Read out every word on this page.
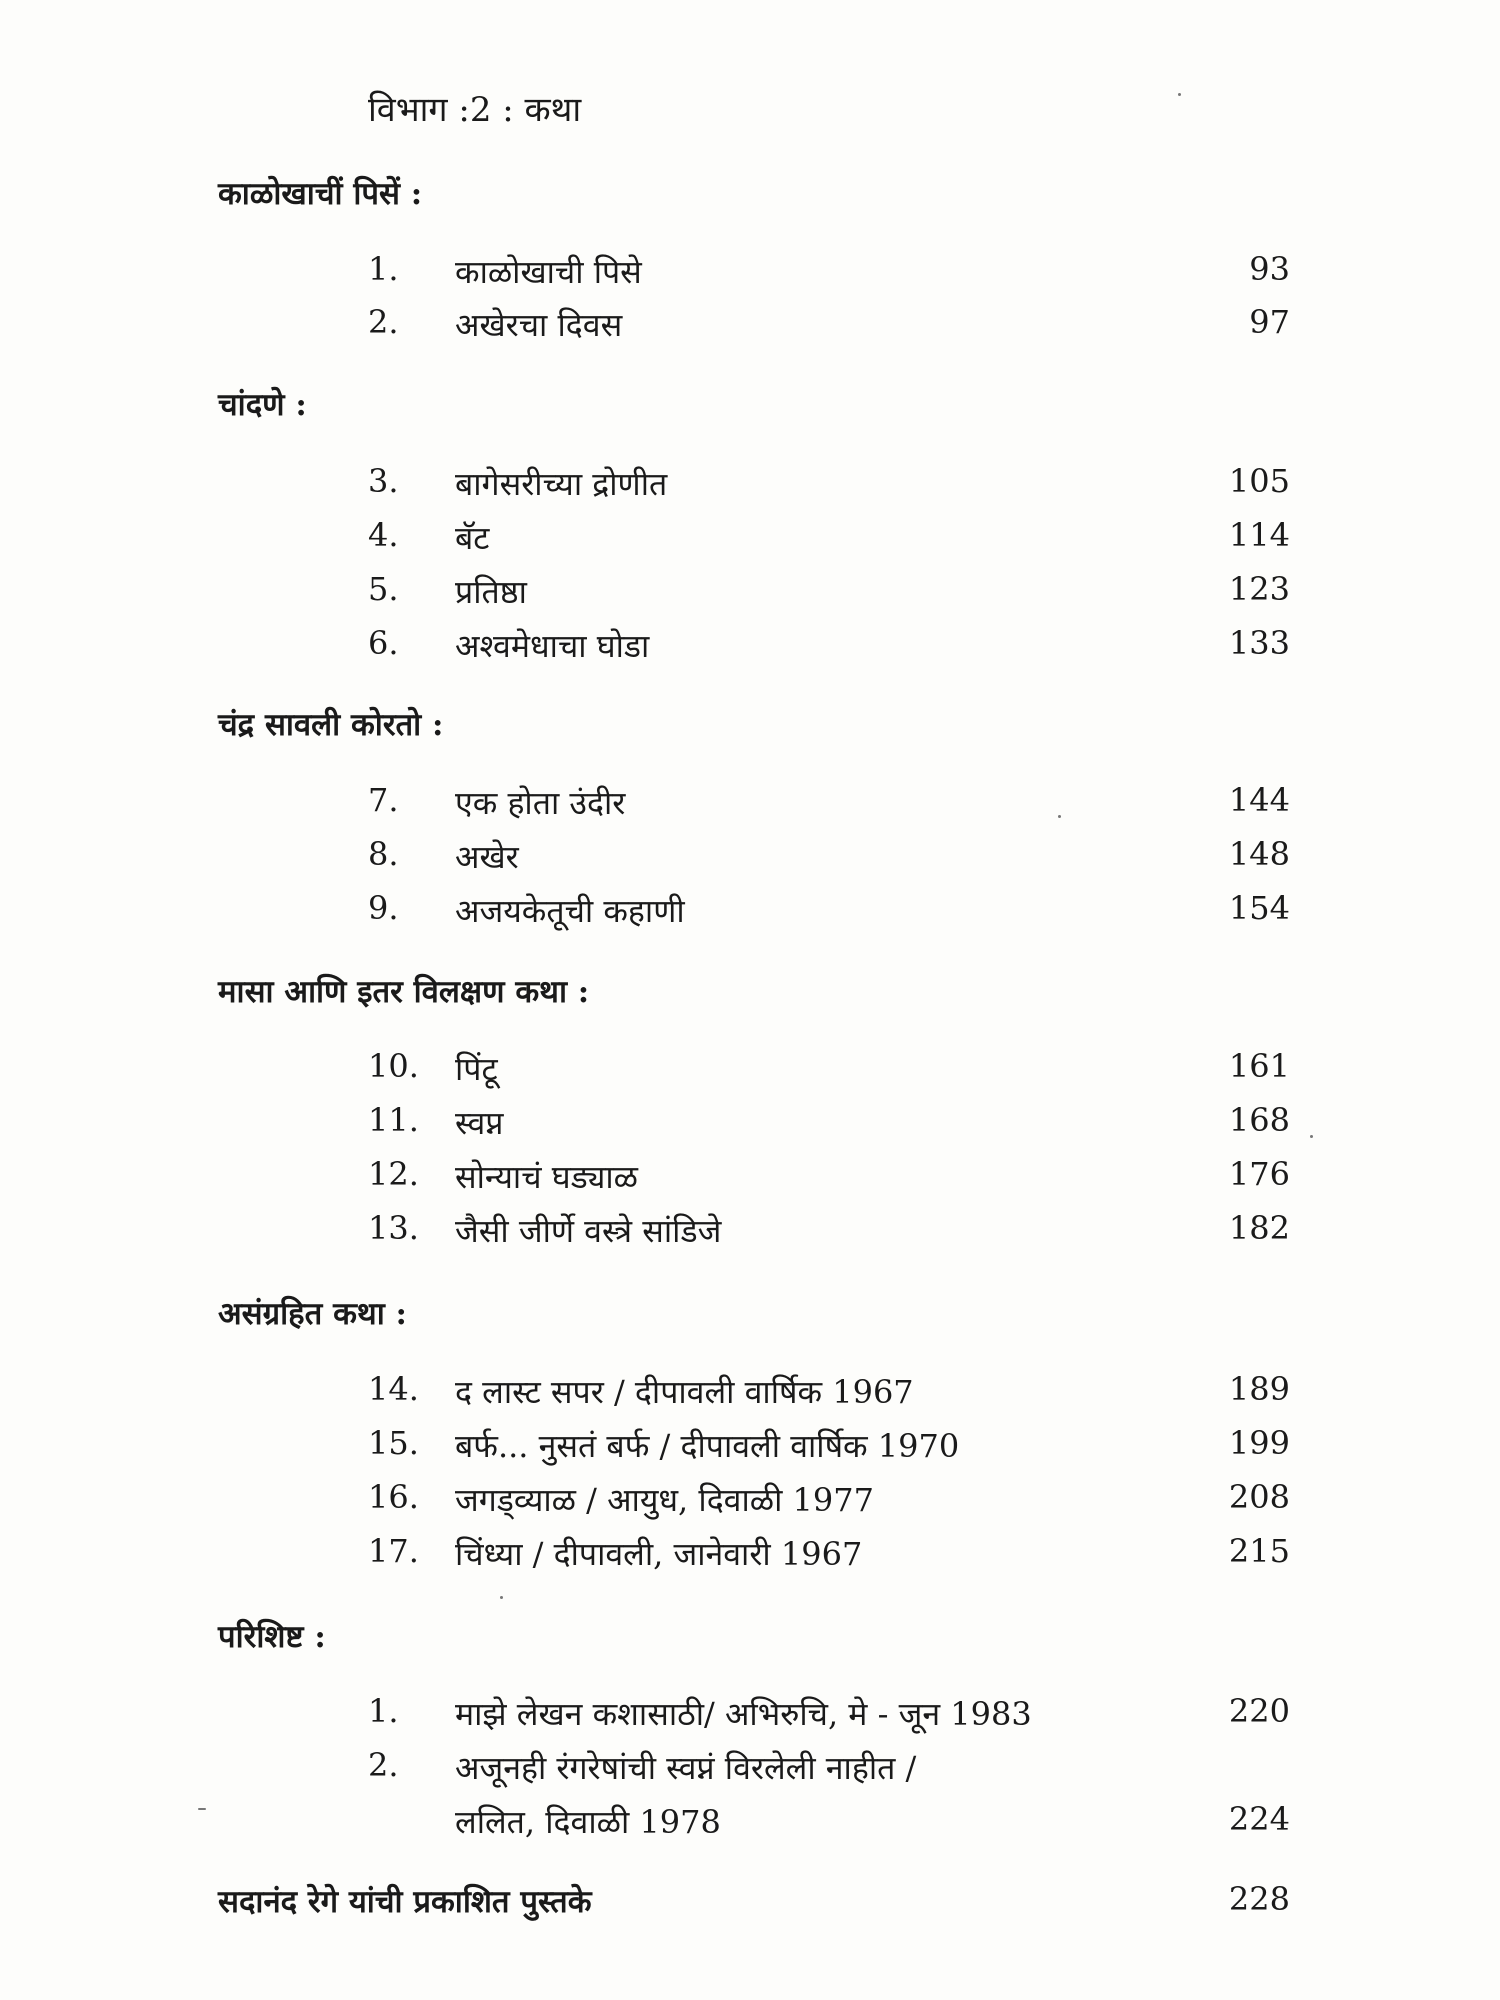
विभाग :2 : कथा
काळोखाचीं पिसें :
1. काळोखाची पिसे	93
2. अखेरचा दिवस	97
चांदणे :
3. बागेसरीच्या द्रोणीत	105
4. बॅट	114
5. प्रतिष्ठा	123
6. अश्वमेधाचा घोडा	133
चंद्र सावली कोरतो :
7. एक होता उंदीर	144
8. अखेर	148
9. अजयकेतूची कहाणी	154
मासा आणि इतर विलक्षण कथा :
10. पिंटू	161
11. स्वप्न	168
12. सोन्याचं घड्याळ	176
13. जैसी जीर्णे वस्त्रे सांडिजे	182
असंग्रहित कथा :
14. द लास्ट सपर / दीपावली वार्षिक 1967	189
15. बर्फ... नुसतं बर्फ / दीपावली वार्षिक 1970	199
16. जगड्व्याळ / आयुध, दिवाळी 1977	208
17. चिंध्या / दीपावली, जानेवारी 1967	215
परिशिष्ट :
1. माझे लेखन कशासाठी/ अभिरुचि, मे - जून 1983	220
2. अजूनही रंगरेषांची स्वप्नं विरलेली नाहीत /
ललित, दिवाळी 1978	224
सदानंद रेगे यांची प्रकाशित पुस्तके	228
